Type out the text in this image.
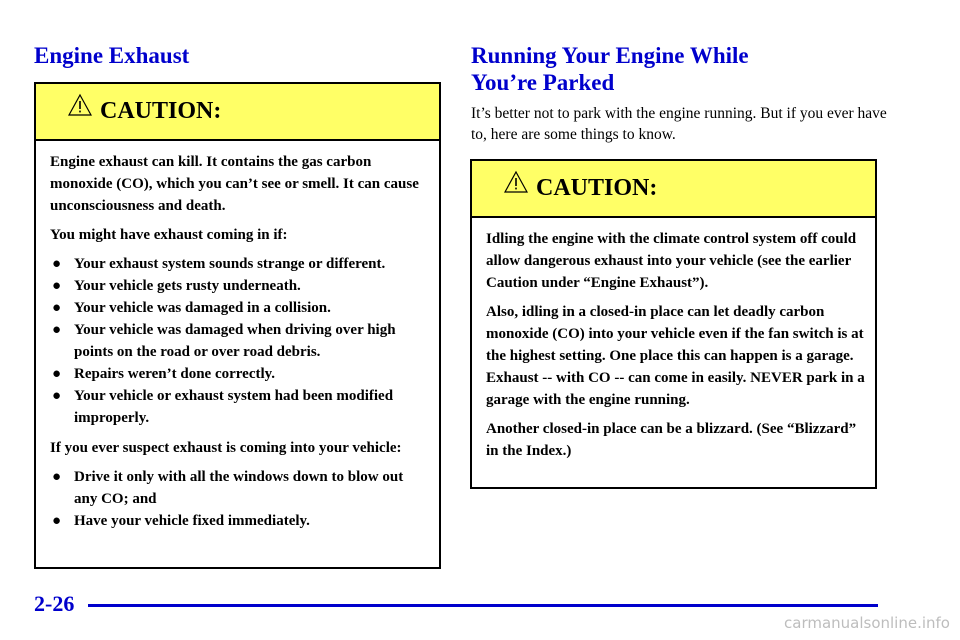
Engine Exhaust
CAUTION:

Engine exhaust can kill. It contains the gas carbon monoxide (CO), which you can’t see or smell. It can cause unconsciousness and death.

You might have exhaust coming in if:

● Your exhaust system sounds strange or different.
● Your vehicle gets rusty underneath.
● Your vehicle was damaged in a collision.
● Your vehicle was damaged when driving over high points on the road or over road debris.
● Repairs weren’t done correctly.
● Your vehicle or exhaust system had been modified improperly.

If you ever suspect exhaust is coming into your vehicle:

● Drive it only with all the windows down to blow out any CO; and
● Have your vehicle fixed immediately.
Running Your Engine While
You’re Parked

It’s better not to park with the engine running. But if you ever have to, here are some things to know.

CAUTION:

Idling the engine with the climate control system off could allow dangerous exhaust into your vehicle (see the earlier Caution under “Engine Exhaust”).

Also, idling in a closed-in place can let deadly carbon monoxide (CO) into your vehicle even if the fan switch is at the highest setting. One place this can happen is a garage. Exhaust -- with CO -- can come in easily. NEVER park in a garage with the engine running.

Another closed-in place can be a blizzard. (See “Blizzard” in the Index.)

2-26

carmanualsonline.info
